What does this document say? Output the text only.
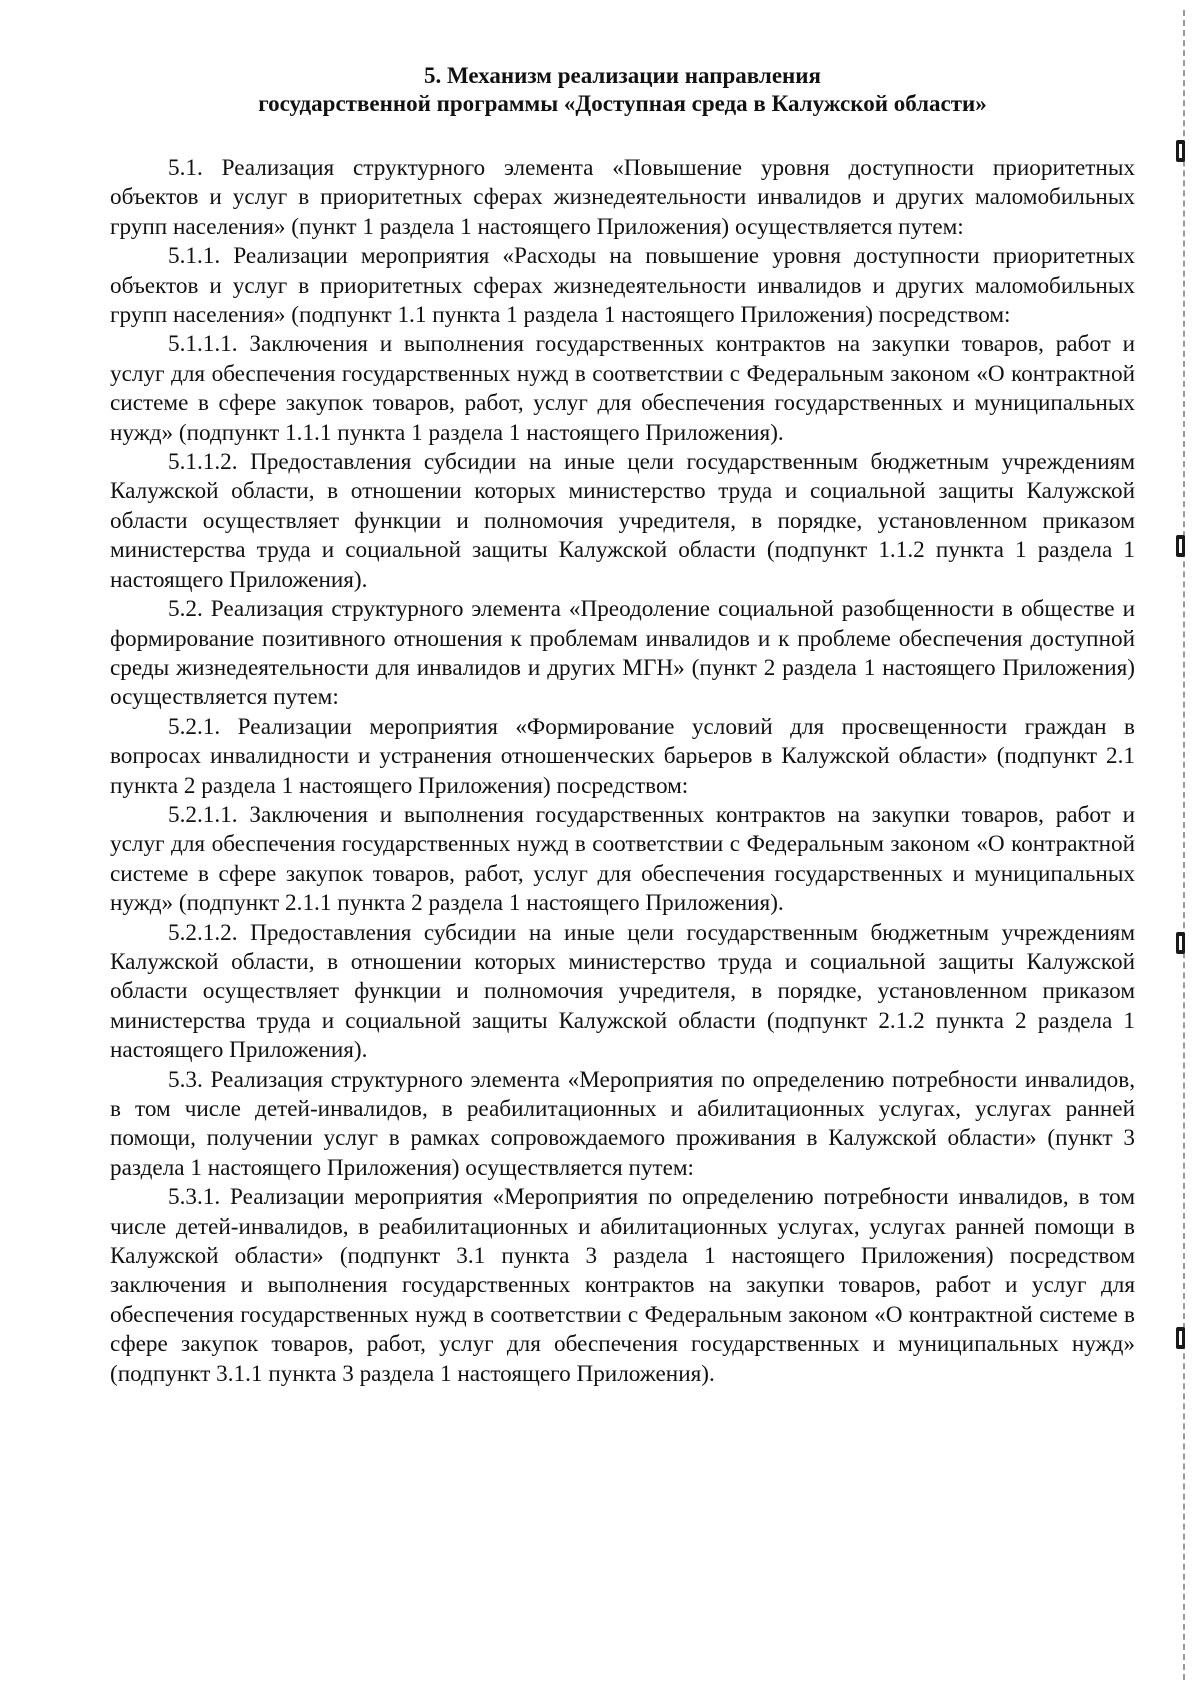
5. Механизм реализации направления
государственной программы «Доступная среда в Калужской области»

5.1. Реализация структурного элемента «Повышение уровня доступности приоритетных объектов и услуг в приоритетных сферах жизнедеятельности инвалидов и других маломобильных групп населения» (пункт 1 раздела 1 настоящего Приложения) осуществляется путем:

5.1.1. Реализации мероприятия «Расходы на повышение уровня доступности приоритетных объектов и услуг в приоритетных сферах жизнедеятельности инвалидов и других маломобильных групп населения» (подпункт 1.1 пункта 1 раздела 1 настоящего Приложения) посредством:

5.1.1.1. Заключения и выполнения государственных контрактов на закупки товаров, работ и услуг для обеспечения государственных нужд в соответствии с Федеральным законом «О контрактной системе в сфере закупок товаров, работ, услуг для обеспечения государственных и муниципальных нужд» (подпункт 1.1.1 пункта 1 раздела 1 настоящего Приложения).

5.1.1.2. Предоставления субсидии на иные цели государственным бюджетным учреждениям Калужской области, в отношении которых министерство труда и социальной защиты Калужской области осуществляет функции и полномочия учредителя, в порядке, установленном приказом министерства труда и социальной защиты Калужской области (подпункт 1.1.2 пункта 1 раздела 1 настоящего Приложения).

5.2. Реализация структурного элемента «Преодоление социальной разобщенности в обществе и формирование позитивного отношения к проблемам инвалидов и к проблеме обеспечения доступной среды жизнедеятельности для инвалидов и других МГН» (пункт 2 раздела 1 настоящего Приложения) осуществляется путем:

5.2.1. Реализации мероприятия «Формирование условий для просвещенности граждан в вопросах инвалидности и устранения отношенческих барьеров в Калужской области» (подпункт 2.1 пункта 2 раздела 1 настоящего Приложения) посредством:

5.2.1.1. Заключения и выполнения государственных контрактов на закупки товаров, работ и услуг для обеспечения государственных нужд в соответствии с Федеральным законом «О контрактной системе в сфере закупок товаров, работ, услуг для обеспечения государственных и муниципальных нужд» (подпункт 2.1.1 пункта 2 раздела 1 настоящего Приложения).

5.2.1.2. Предоставления субсидии на иные цели государственным бюджетным учреждениям Калужской области, в отношении которых министерство труда и социальной защиты Калужской области осуществляет функции и полномочия учредителя, в порядке, установленном приказом министерства труда и социальной защиты Калужской области (подпункт 2.1.2 пункта 2 раздела 1 настоящего Приложения).

5.3. Реализация структурного элемента «Мероприятия по определению потребности инвалидов, в том числе детей-инвалидов, в реабилитационных и абилитационных услугах, услугах ранней помощи, получении услуг в рамках сопровождаемого проживания в Калужской области» (пункт 3 раздела 1 настоящего Приложения) осуществляется путем:

5.3.1. Реализации мероприятия «Мероприятия по определению потребности инвалидов, в том числе детей-инвалидов, в реабилитационных и абилитационных услугах, услугах ранней помощи в Калужской области» (подпункт 3.1 пункта 3 раздела 1 настоящего Приложения) посредством заключения и выполнения государственных контрактов на закупки товаров, работ и услуг для обеспечения государственных нужд в соответствии с Федеральным законом «О контрактной системе в сфере закупок товаров, работ, услуг для обеспечения государственных и муниципальных нужд» (подпункт 3.1.1 пункта 3 раздела 1 настоящего Приложения).
